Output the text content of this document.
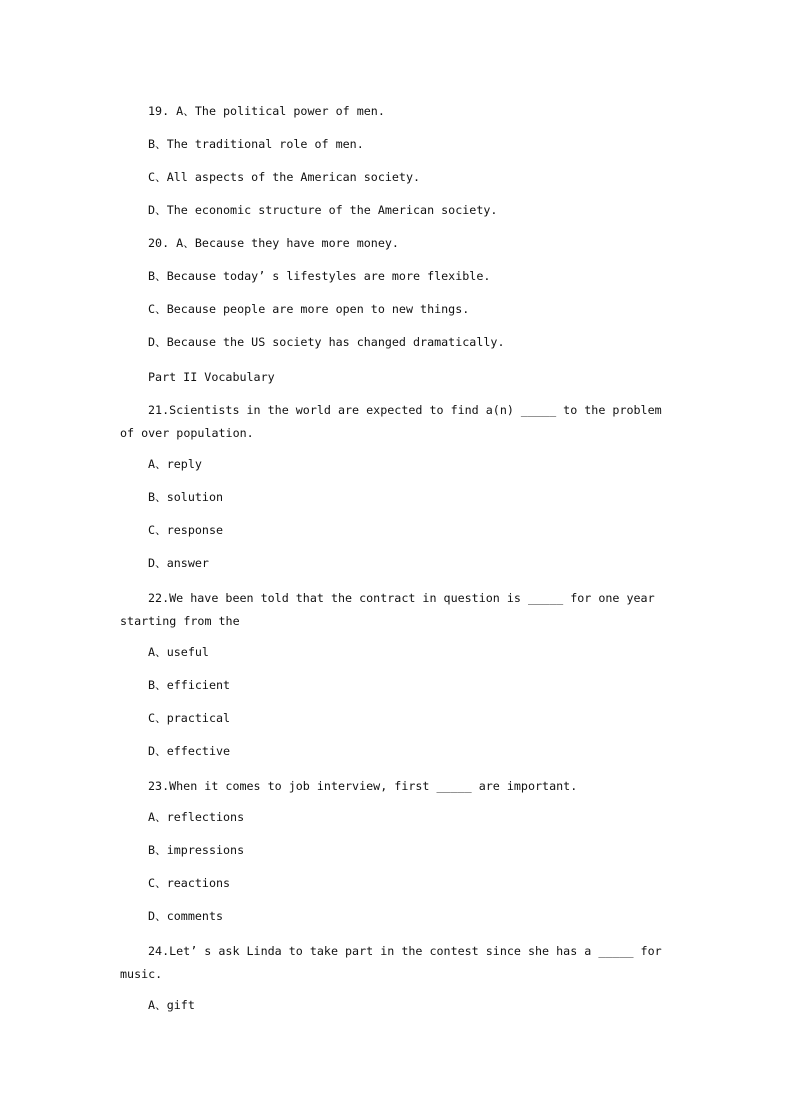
19. A、The political power of men.
B、The traditional role of men.
C、All aspects of the American society.
D、The economic structure of the American society.
20. A、Because they have more money.
B、Because today’ s lifestyles are more flexible.
C、Because people are more open to new things.
D、Because the US society has changed dramatically.
Part II Vocabulary
21.Scientists in the world are expected to find a(n) _____ to the problem
of over population.
A、reply
B、solution
C、response
D、answer
22.We have been told that the contract in question is _____ for one year
starting from the
A、useful
B、efficient
C、practical
D、effective
23.When it comes to job interview, first _____ are important.
A、reflections
B、impressions
C、reactions
D、comments
24.Let’ s ask Linda to take part in the contest since she has a _____ for
music.
A、gift
